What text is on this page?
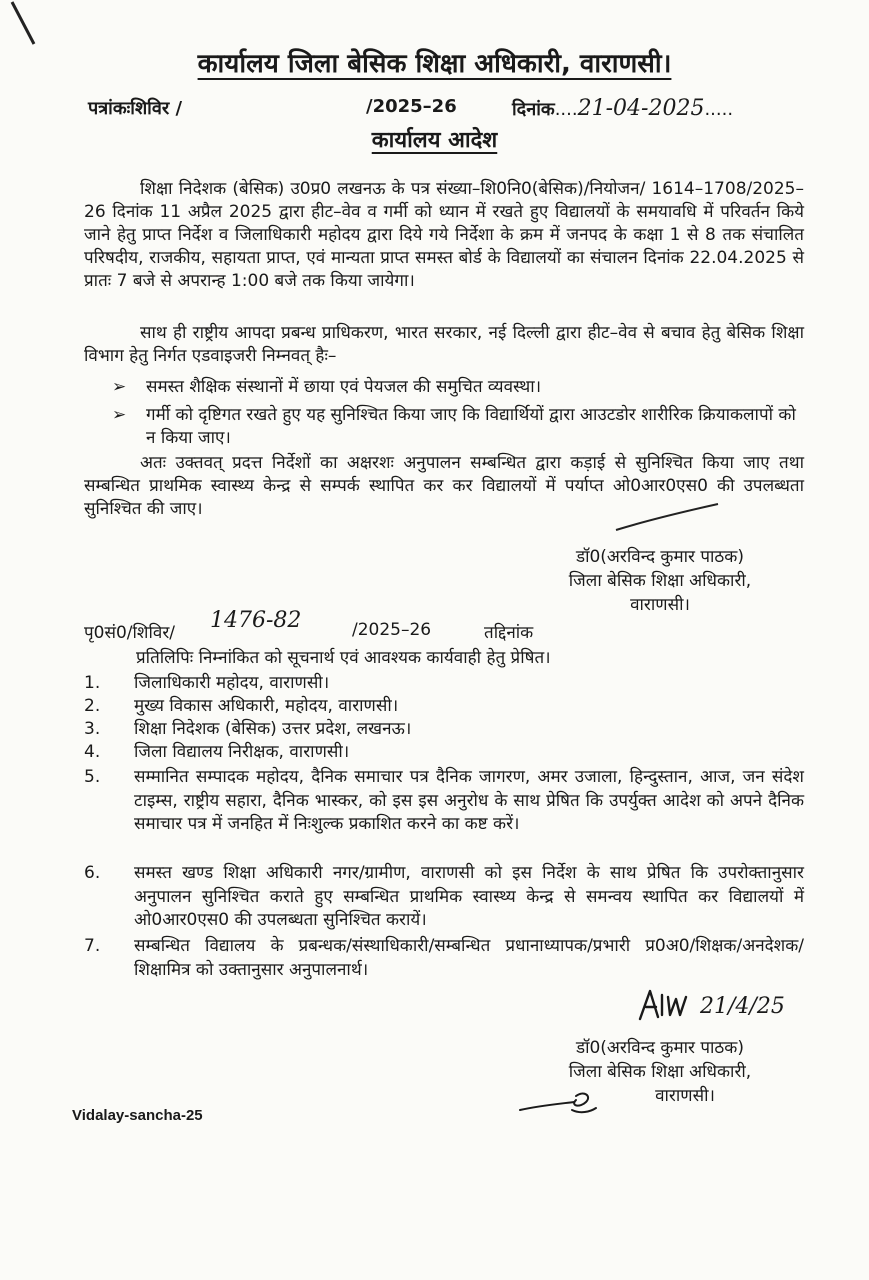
कार्यालय जिला बेसिक शिक्षा अधिकारी, वाराणसी।
पत्रांकःशिविर /	/2025–26	दिनांक....21-04-2025.....
कार्यालय आदेश

शिक्षा निदेशक (बेसिक) उ0प्र0 लखनऊ के पत्र संख्या–शि0नि0(बेसिक)/नियोजन/ 1614–1708/2025–26 दिनांक 11 अप्रैल 2025 द्वारा हीट–वेव व गर्मी को ध्यान में रखते हुए विद्यालयों के समयावधि में परिवर्तन किये जाने हेतु प्राप्त निर्देश व जिलाधिकारी महोदय द्वारा दिये गये निर्देशा के क्रम में जनपद के कक्षा 1 से 8 तक संचालित परिषदीय, राजकीय, सहायता प्राप्त, एवं मान्यता प्राप्त समस्त बोर्ड के विद्यालयों का संचालन दिनांक 22.04.2025 से प्रातः 7 बजे से अपरान्ह 1:00 बजे तक किया जायेगा।

साथ ही राष्ट्रीय आपदा प्रबन्ध प्राधिकरण, भारत सरकार, नई दिल्ली द्वारा हीट–वेव से बचाव हेतु बेसिक शिक्षा विभाग हेतु निर्गत एडवाइजरी निम्नवत् हैः–

➢ समस्त शैक्षिक संस्थानों में छाया एवं पेयजल की समुचित व्यवस्था।
➢ गर्मी को दृष्टिगत रखते हुए यह सुनिश्चित किया जाए कि विद्यार्थियों द्वारा आउटडोर शारीरिक क्रियाकलापों को न किया जाए।

अतः उक्तवत् प्रदत्त निर्देशों का अक्षरशः अनुपालन सम्बन्धित द्वारा कड़ाई से सुनिश्चित किया जाए तथा सम्बन्धित प्राथमिक स्वास्थ्य केन्द्र से सम्पर्क स्थापित कर कर विद्यालयों में पर्याप्त ओ0आर0एस0 की उपलब्धता सुनिश्चित की जाए।

डॉ0(अरविन्द कुमार पाठक)
जिला बेसिक शिक्षा अधिकारी,
वाराणसी।
पृ0सं0/शिविर/ 1476-82	/2025–26	तद्दिनांक
प्रतिलिपिः निम्नांकित को सूचनार्थ एवं आवश्यक कार्यवाही हेतु प्रेषित।
1. जिलाधिकारी महोदय, वाराणसी।
2. मुख्य विकास अधिकारी, महोदय, वाराणसी।
3. शिक्षा निदेशक (बेसिक) उत्तर प्रदेश, लखनऊ।
4. जिला विद्यालय निरीक्षक, वाराणसी।
5. सम्मानित सम्पादक महोदय, दैनिक समाचार पत्र दैनिक जागरण, अमर उजाला, हिन्दुस्तान, आज, जन संदेश टाइम्स, राष्ट्रीय सहारा, दैनिक भास्कर, को इस इस अनुरोध के साथ प्रेषित कि उपर्युक्त आदेश को अपने दैनिक समाचार पत्र में जनहित में निःशुल्क प्रकाशित करने का कष्ट करें।
6. समस्त खण्ड शिक्षा अधिकारी नगर/ग्रामीण, वाराणसी को इस निर्देश के साथ प्रेषित कि उपरोक्तानुसार अनुपालन सुनिश्चित कराते हुए सम्बन्धित प्राथमिक स्वास्थ्य केन्द्र से समन्वय स्थापित कर विद्यालयों में ओ0आर0एस0 की उपलब्धता सुनिश्चित करायें।
7. सम्बन्धित विद्यालय के प्रबन्धक/संस्थाधिकारी/सम्बन्धित प्रधानाध्यापक/प्रभारी प्र0अ0/शिक्षक/अनदेशक/शिक्षामित्र को उक्तानुसार अनुपालनार्थ।
21/4/25
डॉ0(अरविन्द कुमार पाठक)
जिला बेसिक शिक्षा अधिकारी,
वाराणसी।
Vidalay-sancha-25
